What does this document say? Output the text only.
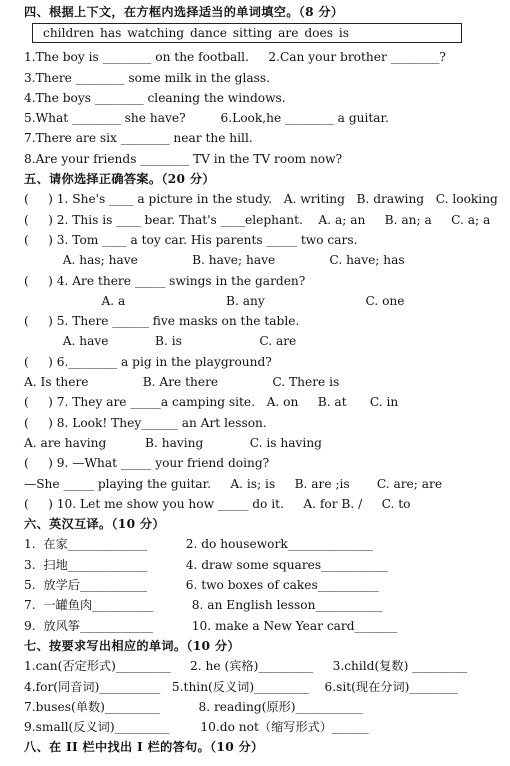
四、根据上下文，在方框内选择适当的单词填空。（8 分）
children has watching dance sitting are does is
1.The boy is ________ on the football.     2.Can your brother ________?
3.There ________ some milk in the glass.
4.The boys ________ cleaning the windows.
5.What ________ she have?         6.Look,he ________ a guitar.
7.There are six ________ near the hill.
8.Are your friends ________ TV in the TV room now?
五、请你选择正确答案。（20 分）
(     ) 1. She's ____ a picture in the study.   A. writing   B. drawing   C. looking
(     ) 2. This is ____ bear. That's ____elephant.    A. a; an     B. an; a     C. a; a
(     ) 3. Tom ____ a toy car. His parents _____ two cars.
A. has; have              B. have; have              C. have; has
(     ) 4. Are there _____ swings in the garden?
A. a                          B. any                          C. one
(     ) 5. There ______ five masks on the table.
A. have            B. is                    C. are
(     ) 6.________ a pig in the playground?
A. Is there              B. Are there              C. There is
(     ) 7. They are _____a camping site.   A. on     B. at      C. in
(     ) 8. Look! They______ an Art lesson.
A. are having          B. having            C. is having
(     ) 9. —What _____ your friend doing?
—She _____ playing the guitar.     A. is; is     B. are ;is       C. are; are
(     ) 10. Let me show you how _____ do it.     A. for B. /     C. to
六、英汉互译。（10 分）
1.  在家_____________          2. do housework______________
3.  扫地_____________          4. draw some squares___________
5.  放学后___________          6. two boxes of cakes__________
7.  一罐鱼肉__________          8. an English lesson___________
9.  放风筝____________          10. make a New Year card_______
七、按要求写出相应的单词。（10 分）
1.can(否定形式)_________     2. he (宾格)_________     3.child(复数) _________
4.for(同音词)__________   5.thin(反义词)_________    6.sit(现在分词)________
7.buses(单数)_________          8. reading(原形)___________
9.small(反义词)_________        10.do not（缩写形式）______
八、在 II 栏中找出 I 栏的答句。（10 分）
